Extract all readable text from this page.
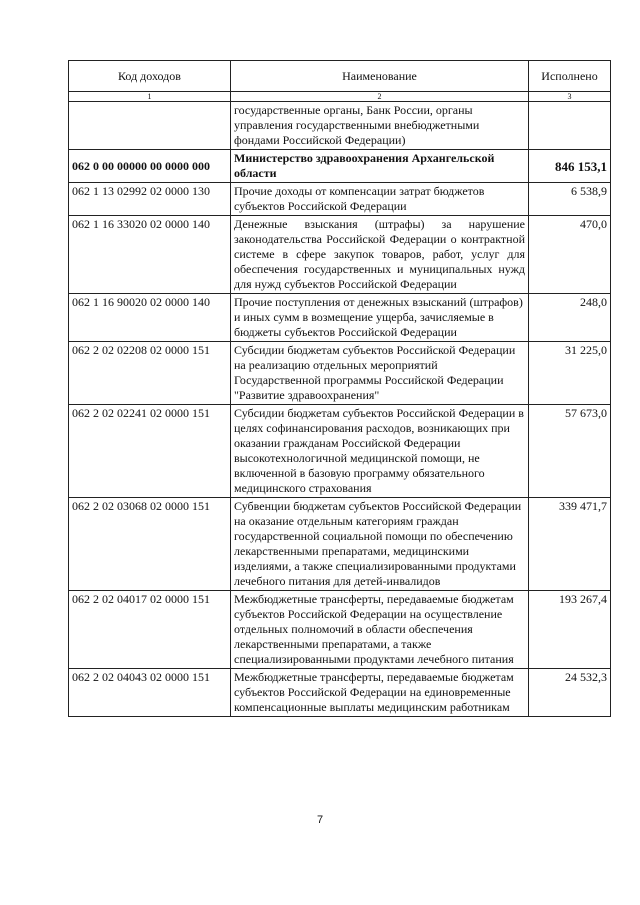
Код доходов	Наименование	Исполнено
1	2	3
	государственные органы, Банк России, органы управления государственными внебюджетными фондами Российской Федерации)	
062 0 00 00000 00 0000 000	Министерство здравоохранения Архангельской области	846 153,1
062 1 13 02992 02 0000 130	Прочие доходы от компенсации затрат бюджетов субъектов Российской Федерации	6 538,9
062 1 16 33020 02 0000 140	Денежные взыскания (штрафы) за нарушение законодательства Российской Федерации о контрактной системе в сфере закупок товаров, работ, услуг для обеспечения государственных и муниципальных нужд для нужд субъектов Российской Федерации	470,0
062 1 16 90020 02 0000 140	Прочие поступления от денежных взысканий (штрафов) и иных сумм в возмещение ущерба, зачисляемые в бюджеты субъектов Российской Федерации	248,0
062 2 02 02208 02 0000 151	Субсидии бюджетам субъектов Российской Федерации на реализацию отдельных мероприятий Государственной программы Российской Федерации "Развитие здравоохранения"	31 225,0
062 2 02 02241 02 0000 151	Субсидии бюджетам субъектов Российской Федерации в целях софинансирования расходов, возникающих при оказании гражданам Российской Федерации высокотехнологичной медицинской помощи, не включенной в базовую программу обязательного медицинского страхования	57 673,0
062 2 02 03068 02 0000 151	Субвенции бюджетам субъектов Российской Федерации на оказание отдельным категориям граждан государственной социальной помощи по обеспечению лекарственными препаратами, медицинскими изделиями, а также специализированными продуктами лечебного питания для детей-инвалидов	339 471,7
062 2 02 04017 02 0000 151	Межбюджетные трансферты, передаваемые бюджетам субъектов Российской Федерации на осуществление отдельных полномочий в области обеспечения лекарственными препаратами, а также специализированными продуктами лечебного питания	193 267,4
062 2 02 04043 02 0000 151	Межбюджетные трансферты, передаваемые бюджетам субъектов Российской Федерации на единовременные компенсационные выплаты медицинским работникам	24 532,3
7
